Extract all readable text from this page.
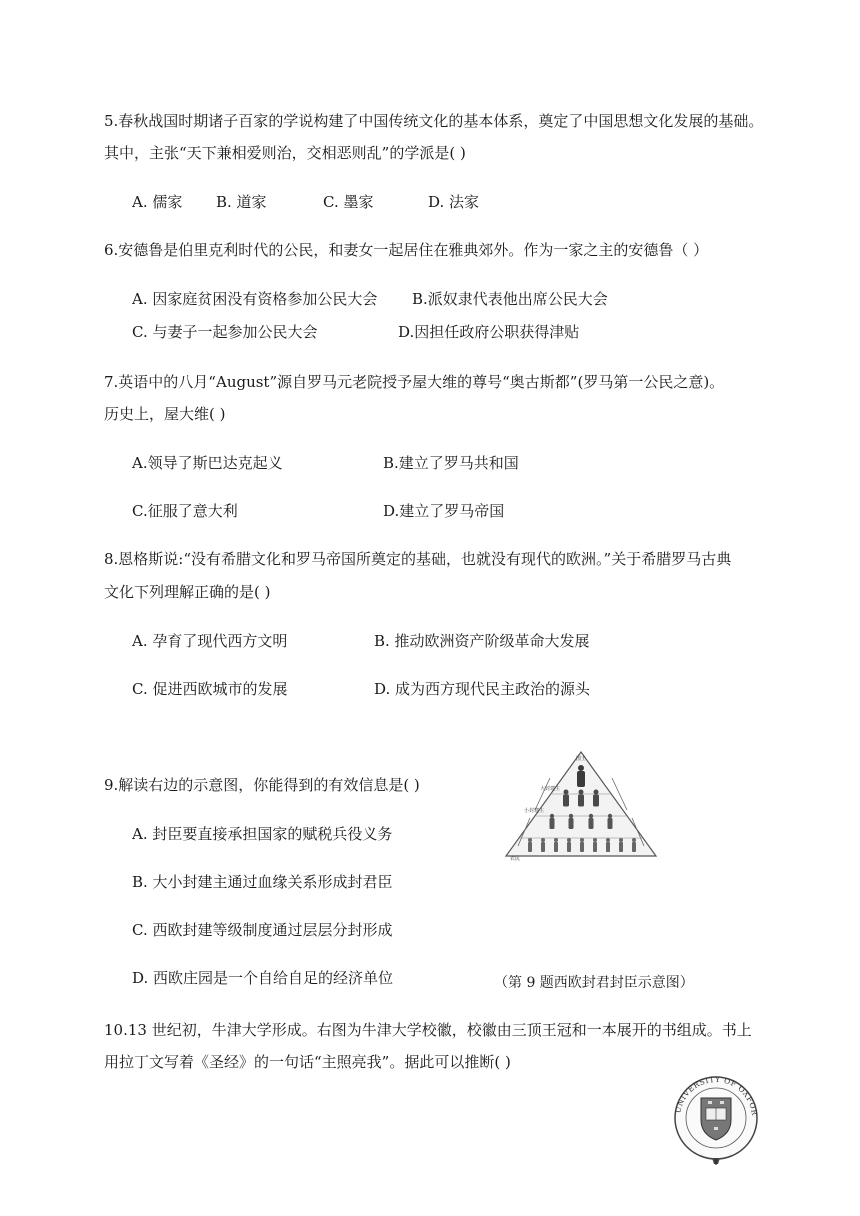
5.春秋战国时期诸子百家的学说构建了中国传统文化的基本体系，奠定了中国思想文化发展的基础。
其中，主张“天下兼相爱则治，交相恶则乱”的学派是( )
A. 儒家 B. 道家	C. 墨家	D. 法家
6.安德鲁是伯里克利时代的公民，和妻女一起居住在雅典郊外。作为一家之主的安德鲁（ ）
A. 因家庭贫困没有资格参加公民大会 B.派奴隶代表他出席公民大会
C. 与妻子一起参加公民大会	D.因担任政府公职获得津贴
7.英语中的八月“August”源自罗马元老院授予屋大维的尊号“奥古斯都”(罗马第一公民之意)。
历史上，屋大维( )
A.领导了斯巴达克起义	B.建立了罗马共和国
C.征服了意大利	D.建立了罗马帝国
8.恩格斯说:“没有希腊文化和罗马帝国所奠定的基础，也就没有现代的欧洲。”关于希腊罗马古典
文化下列理解正确的是( )
A. 孕育了现代西方文明	B. 推动欧洲资产阶级革命大发展
C. 促进西欧城市的发展	D. 成为西方现代民主政治的源头
9.解读右边的示意图，你能得到的有效信息是( )
A. 封臣要直接承担国家的赋税兵役义务
B. 大小封建主通过血缘关系形成封君臣
C. 西欧封建等级制度通过层层分封形成
D. 西欧庄园是一个自给自足的经济单位	（第 9 题西欧封君封臣示意图）
国王
大封建主
小封建主
农民
10.13 世纪初，牛津大学形成。右图为牛津大学校徽，校徽由三顶王冠和一本展开的书组成。书上
用拉丁文写着《圣经》的一句话“主照亮我”。据此可以推断( )
UNIVERSITY OF OXFOR
